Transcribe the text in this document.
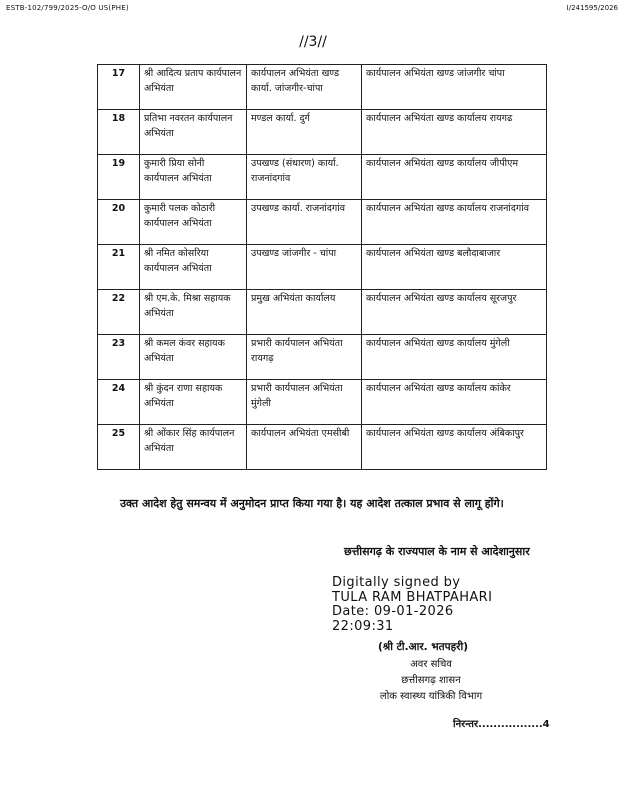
ESTB-102/799/2025-O/O US(PHE)	I/241595/2026
//3//
17	श्री आदित्य प्रताप कार्यपालन अभियंता	कार्यपालन अभियंता खण्ड कार्या. जांजगीर-चांपा	कार्यपालन अभियंता खण्ड जांजगीर चांपा
18	प्रतिभा नवरतन कार्यपालन अभियंता	मण्डल कार्या. दुर्ग	कार्यपालन अभियंता खण्ड कार्यालय रायगढ
19	कुमारी प्रिया सोनी कार्यपालन अभियंता	उपखण्ड (संधारण) कार्या. राजनांदगांव	कार्यपालन अभियंता खण्ड कार्यालय जीपीएम
20	कुमारी पलक कोठारी कार्यपालन अभियंता	उपखण्ड कार्या. राजनांदगांव	कार्यपालन अभियंता खण्ड कार्यालय राजनांदगांव
21	श्री नमित कोसरिया कार्यपालन अभियंता	उपखण्ड जांजगीर - चांपा	कार्यपालन अभियंता खण्ड बलौदाबाजार
22	श्री एम.के. मिश्रा सहायक अभियंता	प्रमुख अभियंता कार्यालय	कार्यपालन अभियंता खण्ड कार्यालय सूरजपुर
23	श्री कमल कंवर सहायक अभियंता	प्रभारी कार्यपालन अभियंता रायगढ़	कार्यपालन अभियंता खण्ड कार्यालय मुंगेली
24	श्री कुंदन राणा सहायक अभियंता	प्रभारी कार्यपालन अभियंता मुंगेली	कार्यपालन अभियंता खण्ड कार्यालय कांकेर
25	श्री ओंकार सिंह कार्यपालन अभियंता	कार्यपालन अभियंता एमसीबी	कार्यपालन अभियंता खण्ड कार्यालय अंबिकापुर
उक्त आदेश हेतु समन्वय में अनुमोदन प्राप्त किया गया है। यह आदेश तत्काल प्रभाव से लागू होंगे।
छत्तीसगढ़ के राज्यपाल के नाम से आदेशानुसार
Digitally signed by
TULA RAM BHATPAHARI
Date: 09-01-2026
22:09:31
(श्री टी.आर. भतपहरी)
अवर सचिव
छत्तीसगढ़ शासन
लोक स्वास्थ्य यांत्रिकी विभाग
निरन्तर.................4
